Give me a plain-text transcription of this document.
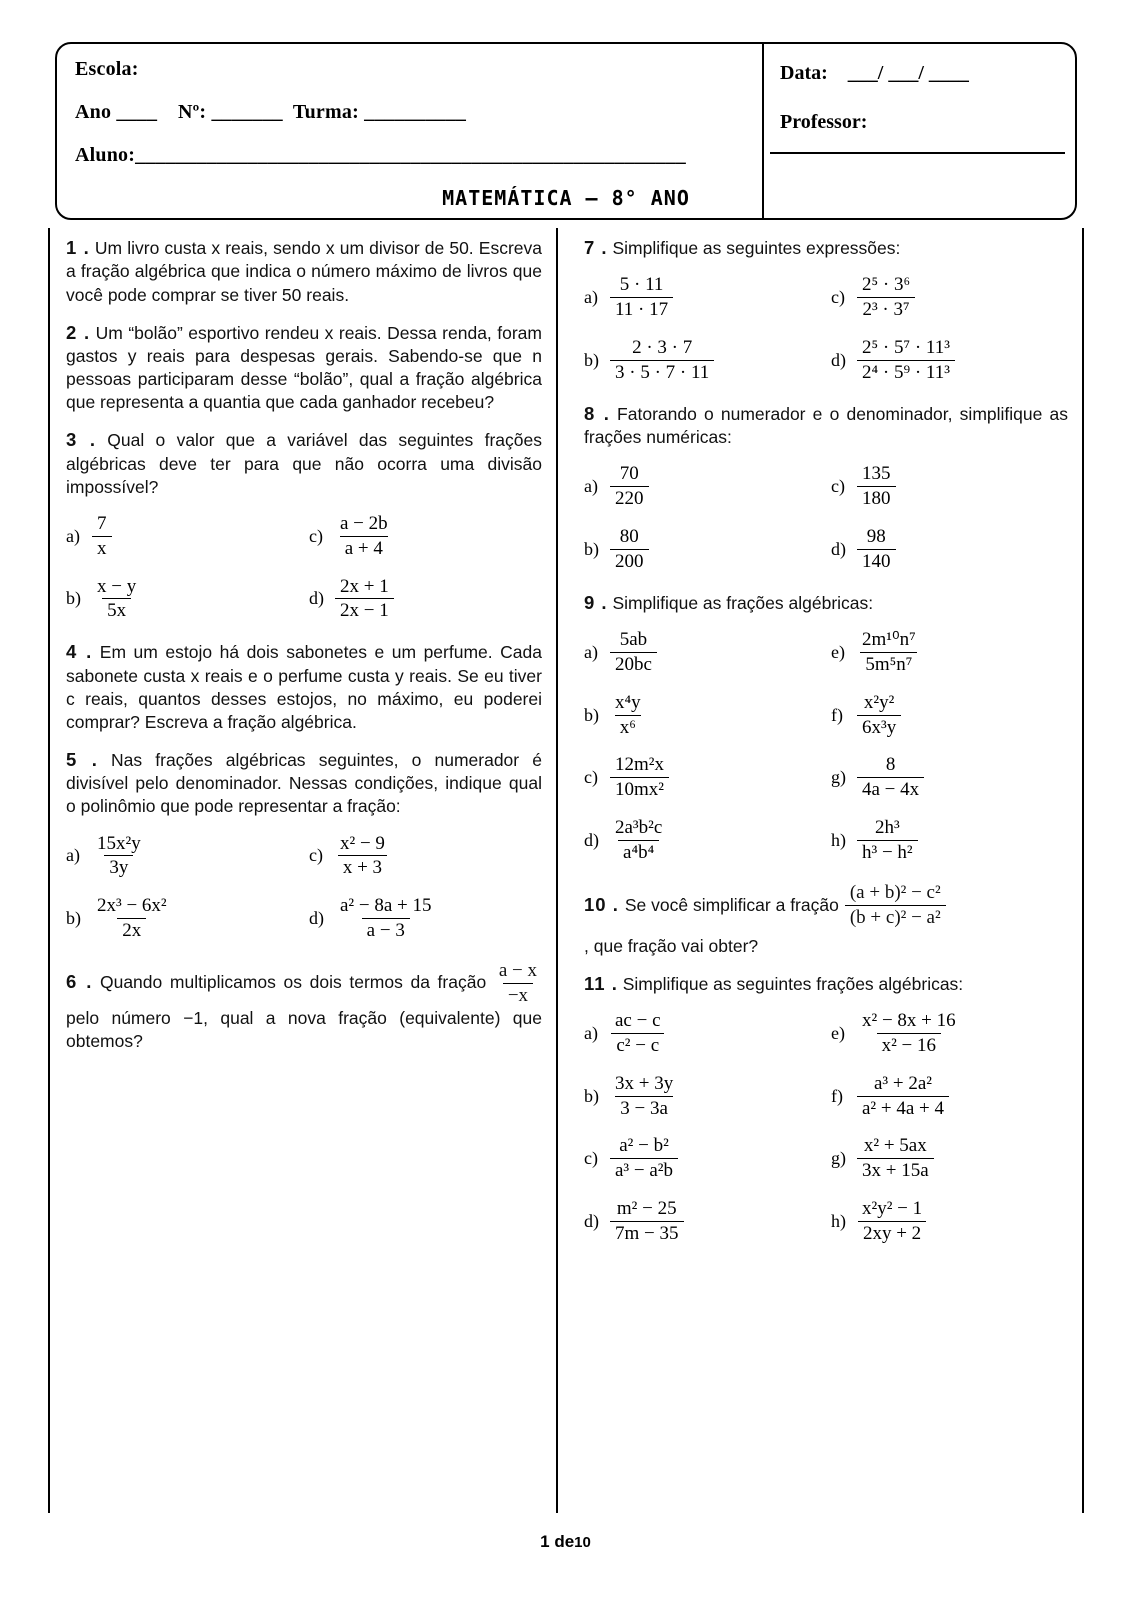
Escola:
Ano ____    Nº: _______  Turma: __________
Aluno:______________________________________________________
Data:    ___/ ___/ ____
Professor:
MATEMÁTICA – 8° ANO
1 . Um livro custa x reais, sendo x um divisor de 50. Escreva a fração algébrica que indica o número máximo de livros que você pode comprar se tiver 50 reais.
2 . Um “bolão” esportivo rendeu x reais. Dessa renda, foram gastos y reais para despesas gerais. Sabendo-se que n pessoas participaram desse “bolão”, qual a fração algébrica que representa a quantia que cada ganhador recebeu?
3 . Qual o valor que a variável das seguintes frações algébricas deve ter para que não ocorra uma divisão impossível?
$a) \frac{7}{x}$	$c) \frac{a - 2b}{a + 4}$
$b) \frac{x - y}{5x}$	$d) \frac{2x + 1}{2x - 1}$
4 . Em um estojo há dois sabonetes e um perfume. Cada sabonete custa x reais e o perfume custa y reais. Se eu tiver c reais, quantos desses estojos, no máximo, eu poderei comprar? Escreva a fração algébrica.
5 . Nas frações algébricas seguintes, o numerador é divisível pelo denominador. Nessas condições, indique qual o polinômio que pode representar a fração:
$a) \frac{\text{15x²y}}{3y}$	$c) \frac{\text{x² − 9}}{x + 3}$
$b) \frac{\text{2x³ − 6x²}}{2x}$	$d) \frac{\text{a² − 8a + 15}}{a - 3}$
6 . Quando multiplicamos os dois termos da fração $\frac{a - x}{-x}$
pelo número −1, qual a nova fração (equivalente) que obtemos?
7 . Simplifique as seguintes expressões:
$a) \frac{5 \cdot 11}{11 \cdot 17}$	$c) \frac{\text{2⁵ · 3⁶}}{\text{2³ · 3⁷}}$
$b) \frac{2 \cdot 3 \cdot 7}{3 \cdot 5 \cdot 7 \cdot 11}$	$d) \frac{\text{2⁵ · 5⁷ · 11³}}{\text{2⁴ · 5⁹ · 11³}}$
8 . Fatorando o numerador e o denominador, simplifique as frações numéricas:
$a) \frac{70}{220}$	$c) \frac{135}{180}$
$b) \frac{80}{200}$	$d) \frac{98}{140}$
9 . Simplifique as frações algébricas:
$a) \frac{5ab}{20bc}$	$e) \frac{\text{2m¹⁰n⁷}}{\text{5m⁵n⁷}}$
$b) \frac{\text{x⁴y}}{\text{x⁶}}$	$f) \frac{\text{x²y²}}{\text{6x³y}}$
$c) \frac{\text{12m²x}}{\text{10mx²}}$	$g) \frac{8}{4a - 4x}$
$d) \frac{\text{2a³b²c}}{\text{a⁴b⁴}}$	$h) \frac{\text{2h³}}{\text{h³ − h²}}$
10 . Se você simplificar a fração $\frac{\text{(a + b)² − c²}}{\text{(b + c)² − a²}}$
, que fração vai obter?
11 . Simplifique as seguintes frações algébricas:
$a) \frac{ac - c}{\text{c² − c}}$	$e) \frac{\text{x² − 8x + 16}}{\text{x² − 16}}$
$b) \frac{3x + 3y}{3 - 3a}$	$f) \frac{\text{a³ + 2a²}}{\text{a² + 4a + 4}}$
$c) \frac{\text{a² − b²}}{\text{a³ − a²b}}$	$g) \frac{\text{x² + 5ax}}{3x + 15a}$
$d) \frac{\text{m² − 25}}{7m - 35}$	$h) \frac{\text{x²y² − 1}}{2xy + 2}$
1 de10
